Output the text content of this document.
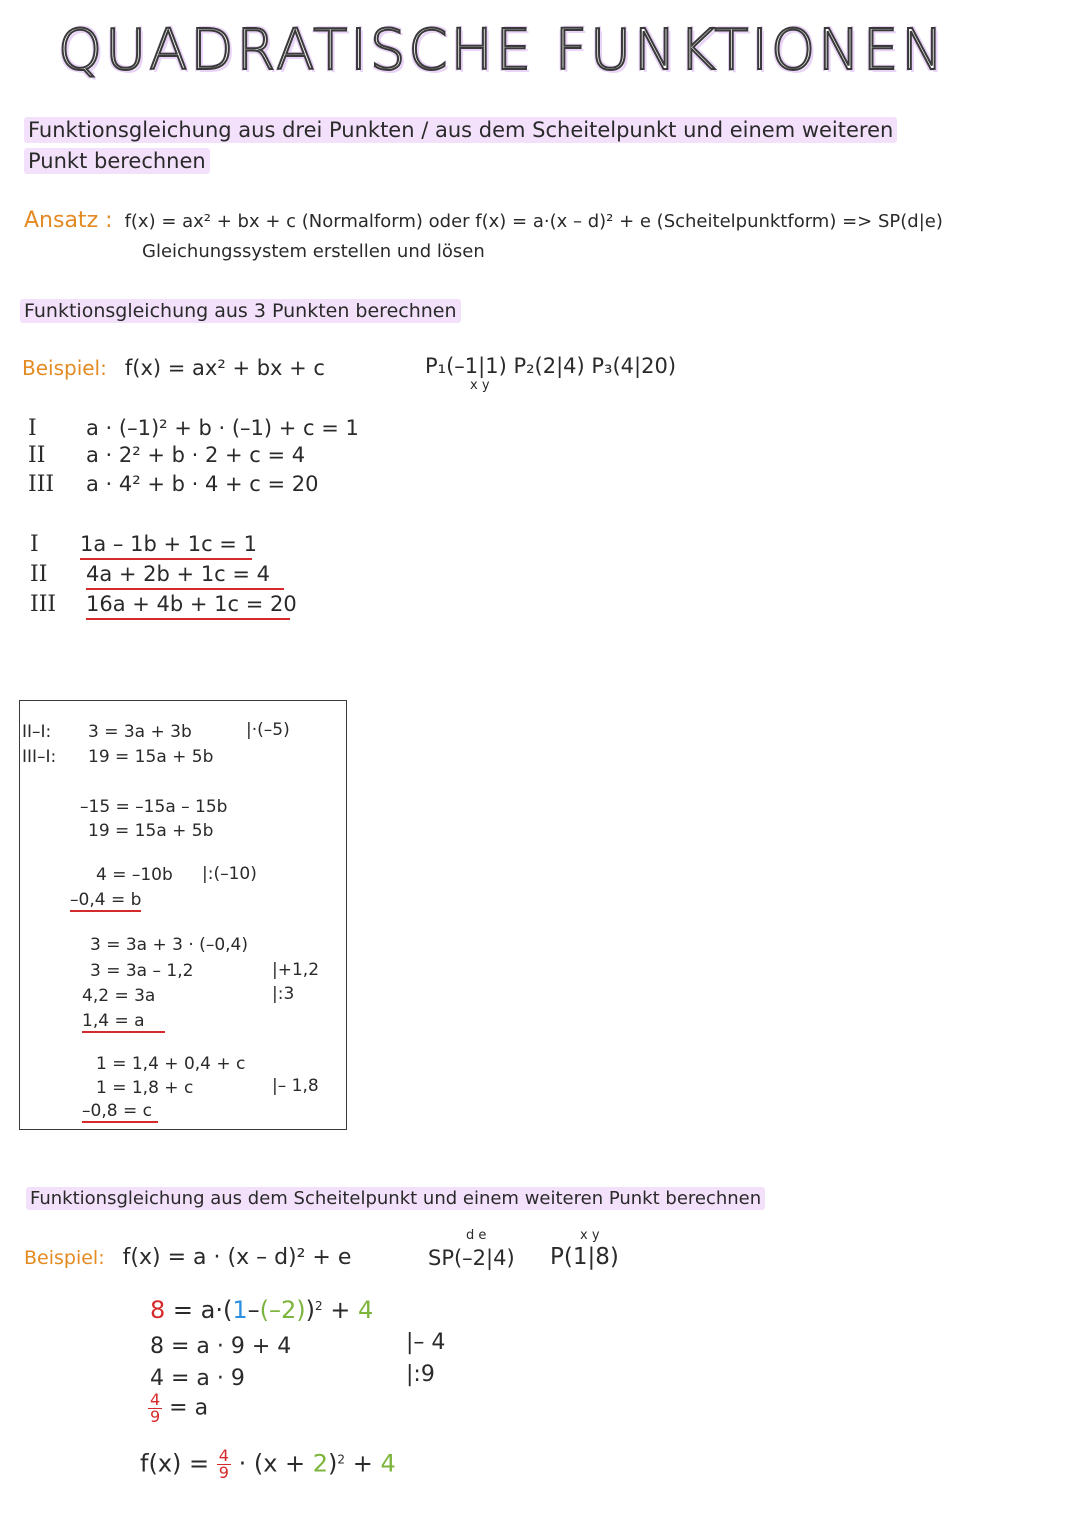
QUADRATISCHE FUNKTIONEN
Funktionsgleichung aus drei Punkten / aus dem Scheitelpunkt und einem weiteren
Punkt berechnen
Ansatz : f(x) = ax² + bx + c (Normalform) oder f(x) = a·(x – d)² + e (Scheitelpunktform) => SP(d|e)
Gleichungssystem erstellen und lösen
Funktionsgleichung aus 3 Punkten berechnen
Beispiel: f(x) = ax² + bx + c	P₁(–1|1) P₂(2|4) P₃(4|20)
x y
I a · (–1)² + b · (–1) + c = 1
II a · 2² + b · 2 + c = 4
III a · 4² + b · 4 + c = 20
I 1a – 1b + 1c = 1
II 4a + 2b + 1c = 4
III 16a + 4b + 1c = 20
II–I: 3 = 3a + 3b	|·(–5)
III–I: 19 = 15a + 5b
–15 = –15a – 15b
19 = 15a + 5b
4 = –10b |:(–10)
–0,4 = b
3 = 3a + 3 · (–0,4)
3 = 3a – 1,2	|+1,2
4,2 = 3a	|:3
1,4 = a
1 = 1,4 + 0,4 + c
1 = 1,8 + c	|– 1,8
–0,8 = c
Funktionsgleichung aus dem Scheitelpunkt und einem weiteren Punkt berechnen
Beispiel: f(x) = a · (x – d)² + e
d e	x y
SP(–2|4) P(1|8)
$8 = a\cdot(1-(-2))^2 + 4$
8 = a · 9 + 4	|– 4
4 = a · 9	|:9
$\frac{4}{9} = a$
$f(x) = \frac{4}{9} \cdot (x + 2)^2 + 4$
